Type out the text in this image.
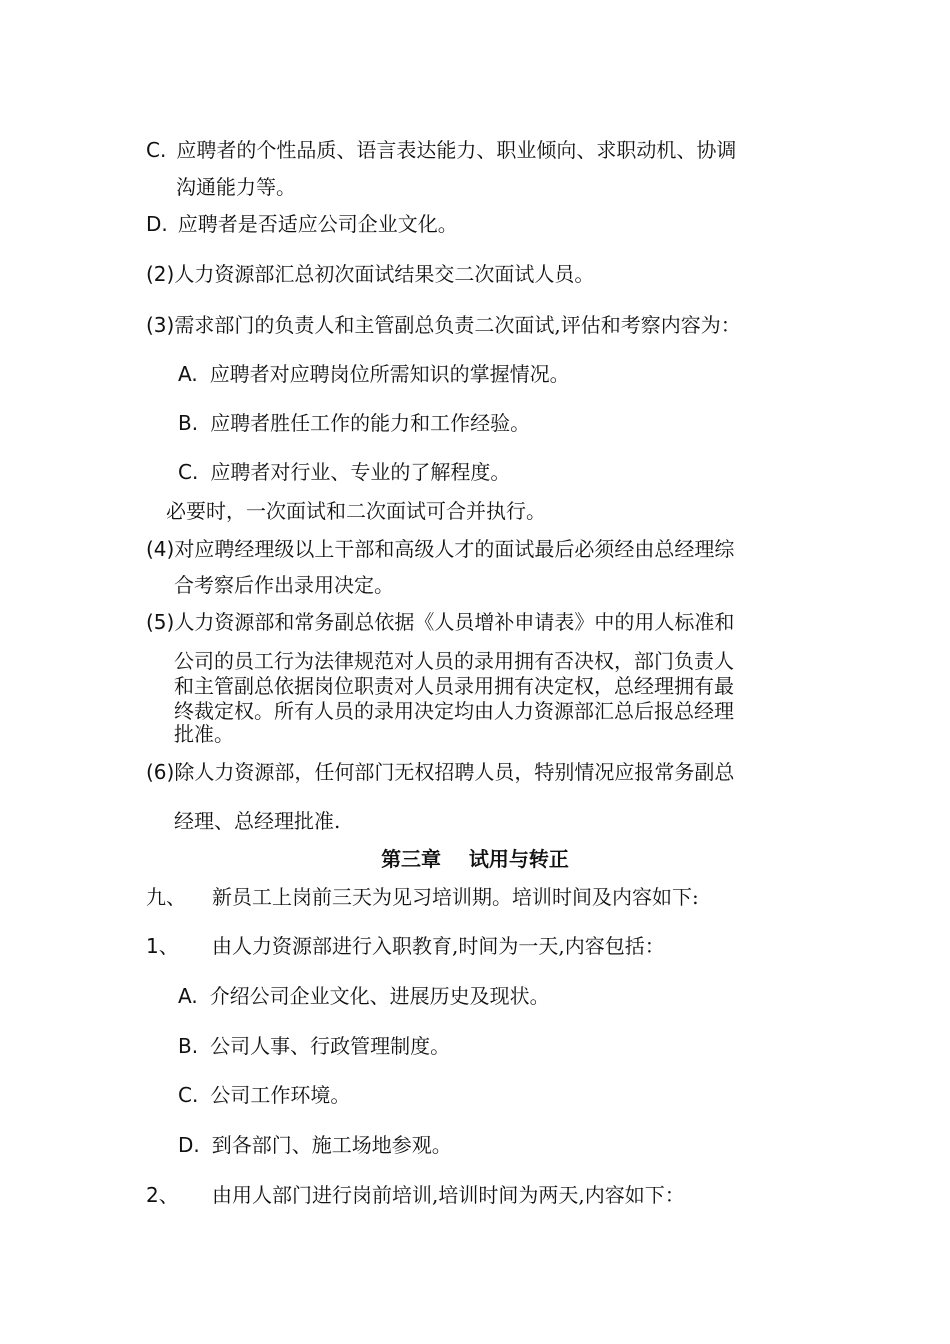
C. 应聘者的个性品质、语言表达能力、职业倾向、求职动机、协调
沟通能力等。
D. 应聘者是否适应公司企业文化。
(2)人力资源部汇总初次面试结果交二次面试人员。
(3)需求部门的负责人和主管副总负责二次面试,评估和考察内容为：
A. 应聘者对应聘岗位所需知识的掌握情况。
B. 应聘者胜任工作的能力和工作经验。
C. 应聘者对行业、专业的了解程度。
必要时，一次面试和二次面试可合并执行。
(4)对应聘经理级以上干部和高级人才的面试最后必须经由总经理综
合考察后作出录用决定。
(5)人力资源部和常务副总依据《人员增补申请表》中的用人标准和
公司的员工行为法律规范对人员的录用拥有否决权，部门负责人
和主管副总依据岗位职责对人员录用拥有决定权，总经理拥有最
终裁定权。所有人员的录用决定均由人力资源部汇总后报总经理
批准。
(6)除人力资源部，任何部门无权招聘人员，特别情况应报常务副总
经理、总经理批准.
第三章    试用与转正
九、 新员工上岗前三天为见习培训期。培训时间及内容如下:
1、 由人力资源部进行入职教育,时间为一天,内容包括：
A. 介绍公司企业文化、进展历史及现状。
B. 公司人事、行政管理制度。
C. 公司工作环境。
D. 到各部门、施工场地参观。
2、 由用人部门进行岗前培训,培训时间为两天,内容如下：
